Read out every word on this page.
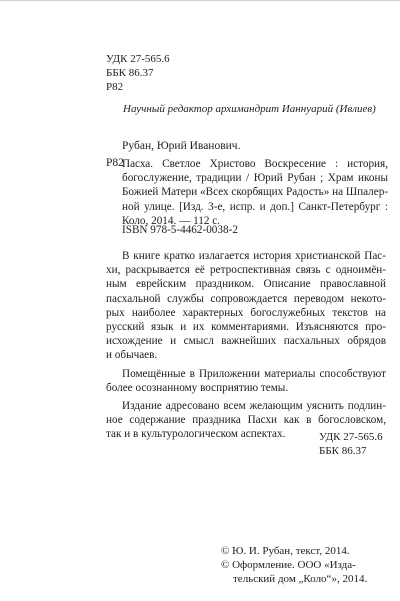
УДК 27-565.6
ББК 86.37
Р82
Научный редактор архимандрит Ианнуарий (Ивлиев)
Рубан, Юрий Иванович.
Р82
Пасха. Светлое Христово Воскресение : история,
богослужение, традиции / Юрий Рубан ; Храм иконы
Божией Матери «Всех скорбящих Радость» на Шпалер-
ной улице. [Изд. 3-е, испр. и доп.] Санкт-Петербург :
Коло, 2014. — 112 с.
ISBN 978-5-4462-0038-2
В книге кратко излагается история христианской Пас-
хи, раскрывается её ретроспективная связь с одноимён-
ным еврейским праздником. Описание православной
пасхальной службы сопровождается переводом некото-
рых наиболее характерных богослужебных текстов на
русский язык и их комментариями. Изъясняются про-
исхождение и смысл важнейших пасхальных обрядов
и обычаев.
Помещённые в Приложении материалы способствуют
более осознанному восприятию темы.
Издание адресовано всем желающим уяснить подлин-
ное содержание праздника Пасхи как в богословском,
так и в культурологическом аспектах.	УДК 27-565.6
ББК 86.37
© Ю. И. Рубан, текст, 2014.
© Оформление. ООО «Изда-
тельский дом „Коло“», 2014.
